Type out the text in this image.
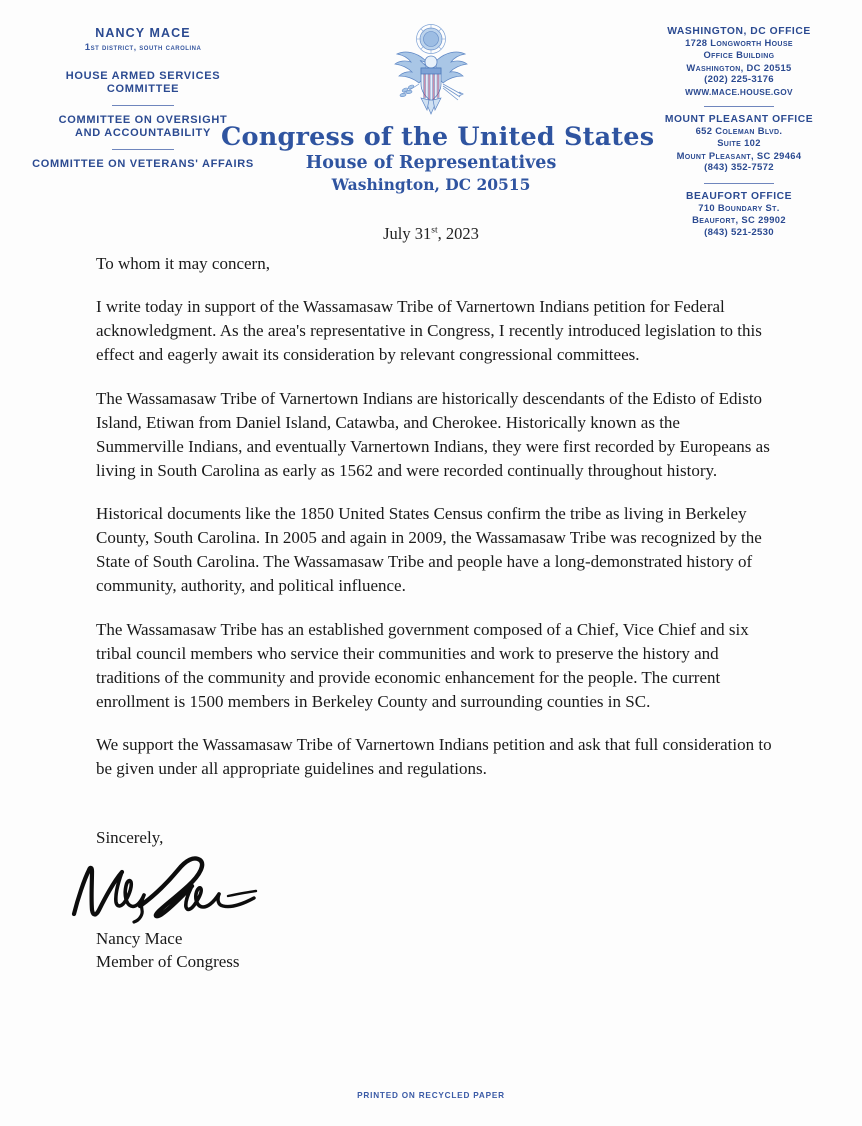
NANCY MACE
1st district, south carolina
HOUSE ARMED SERVICES
COMMITTEE
COMMITTEE ON OVERSIGHT
AND ACCOUNTABILITY
COMMITTEE ON VETERANS' AFFAIRS
Congress of the United States
House of Representatives
Washington, DC 20515
WASHINGTON, DC OFFICE
1728 Longworth House
Office Building
Washington, DC 20515
(202) 225-3176
WWW.MACE.HOUSE.GOV
MOUNT PLEASANT OFFICE
652 Coleman Blvd.
Suite 102
Mount Pleasant, SC 29464
(843) 352-7572
BEAUFORT OFFICE
710 Boundary St.
Beaufort, SC 29902
(843) 521-2530
July 31st, 2023

To whom it may concern,

I write today in support of the Wassamasaw Tribe of Varnertown Indians petition for Federal acknowledgment. As the area's representative in Congress, I recently introduced legislation to this effect and eagerly await its consideration by relevant congressional committees.

The Wassamasaw Tribe of Varnertown Indians are historically descendants of the Edisto of Edisto Island, Etiwan from Daniel Island, Catawba, and Cherokee. Historically known as the Summerville Indians, and eventually Varnertown Indians, they were first recorded by Europeans as living in South Carolina as early as 1562 and were recorded continually throughout history.

Historical documents like the 1850 United States Census confirm the tribe as living in Berkeley County, South Carolina. In 2005 and again in 2009, the Wassamasaw Tribe was recognized by the State of South Carolina. The Wassamasaw Tribe and people have a long-demonstrated history of community, authority, and political influence.

The Wassamasaw Tribe has an established government composed of a Chief, Vice Chief and six tribal council members who service their communities and work to preserve the history and traditions of the community and provide economic enhancement for the people. The current enrollment is 1500 members in Berkeley County and surrounding counties in SC.

We support the Wassamasaw Tribe of Varnertown Indians petition and ask that full consideration to be given under all appropriate guidelines and regulations.

Sincerely,

Nancy Mace

Member of Congress

PRINTED ON RECYCLED PAPER
